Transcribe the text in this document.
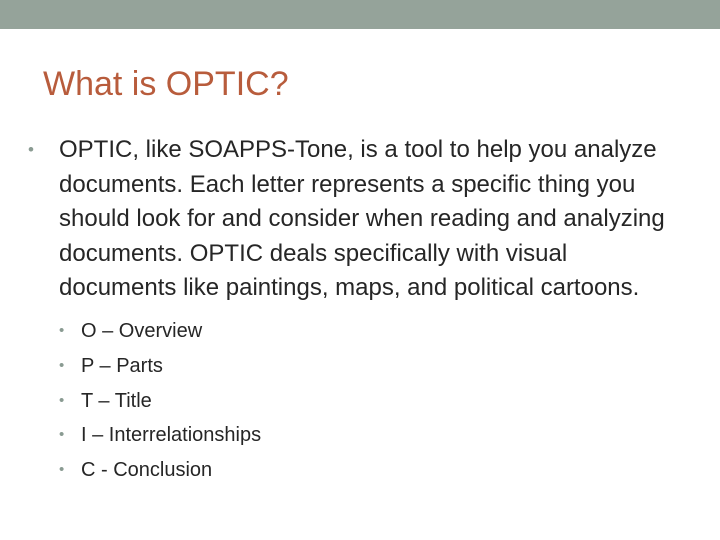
What is OPTIC?
• OPTIC, like SOAPPS-Tone, is a tool to help you analyze documents. Each letter represents a specific thing you should look for and consider when reading and analyzing documents. OPTIC deals specifically with visual documents like paintings, maps, and political cartoons.
• O – Overview
• P – Parts
• T – Title
• I – Interrelationships
• C - Conclusion
